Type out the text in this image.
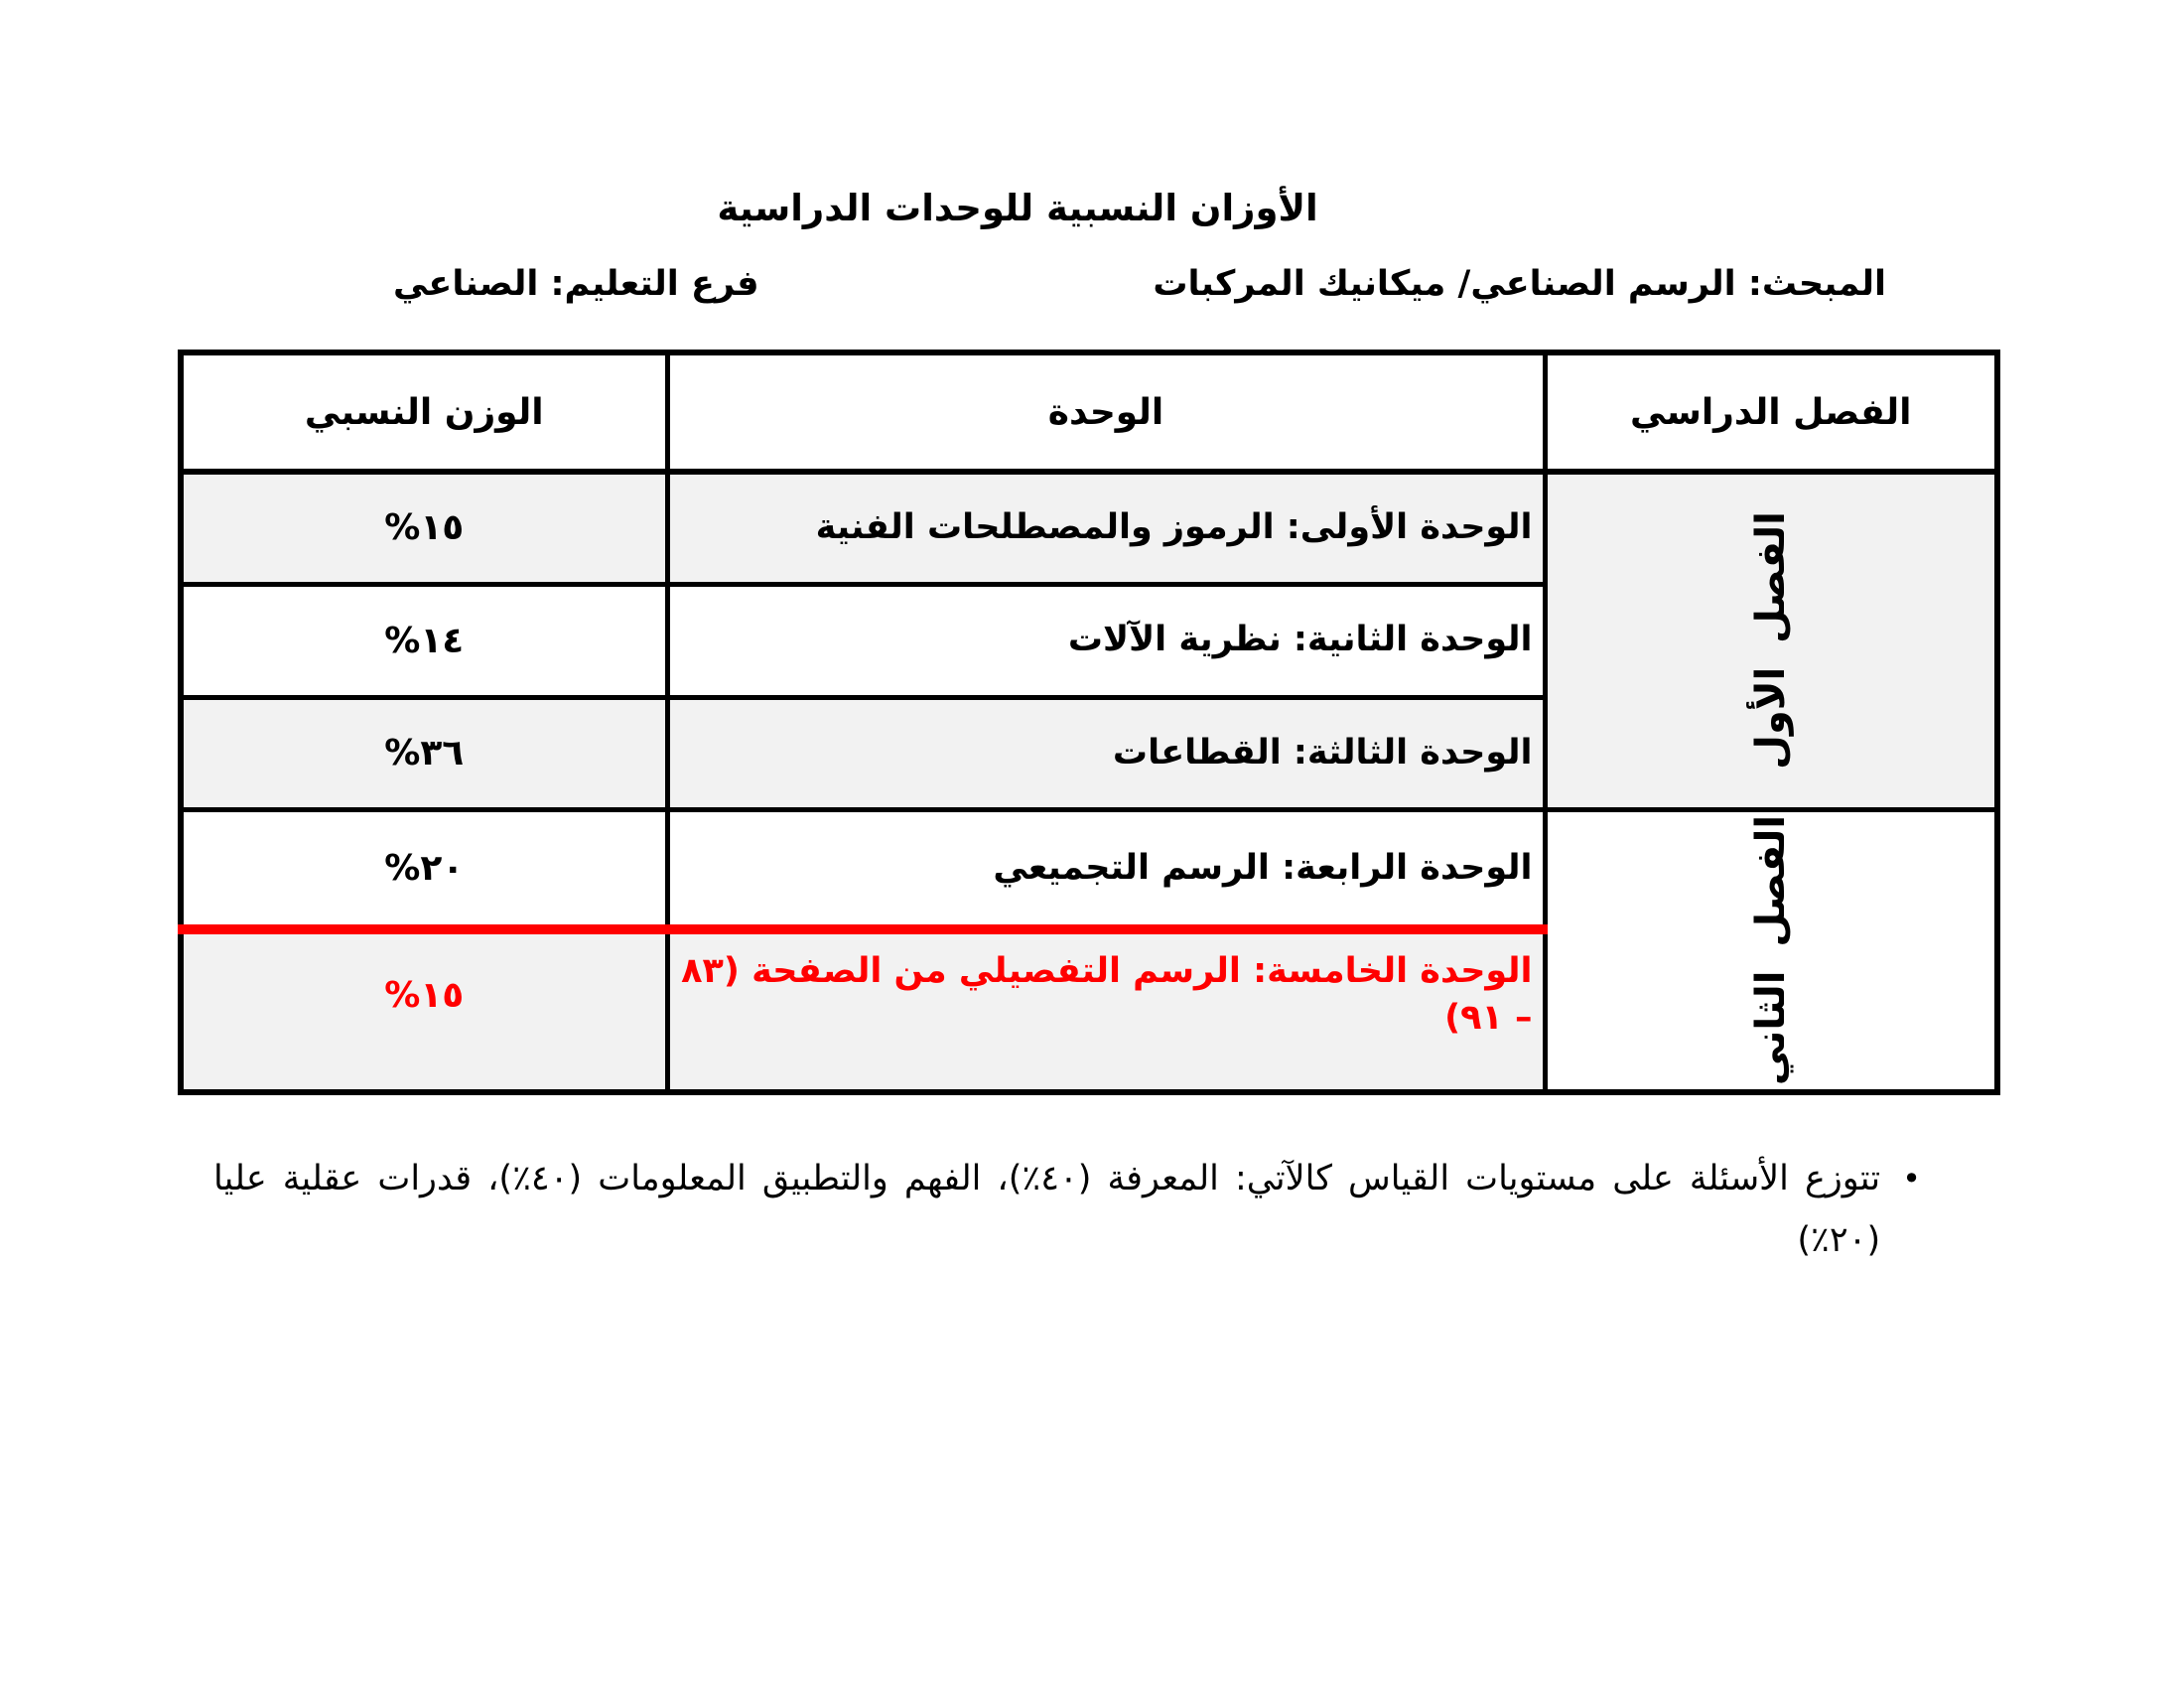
الأوزان النسبية للوحدات الدراسية
المبحث: الرسم الصناعي/ ميكانيك المركبات
فرع التعليم: الصناعي
الفصل الدراسي	الوحدة	الوزن النسبي

الفصل الأول	الوحدة الأولى: الرموز والمصطلحات الفنية	١٥%
	الوحدة الثانية: نظرية الآلات	١٤%
	الوحدة الثالثة: القطاعات	٣٦%

الفصل الثاني	الوحدة الرابعة: الرسم التجميعي	٢٠%
	الوحدة الخامسة: الرسم التفصيلي من الصفحة (٨٣ – ٩١)	١٥%
•
تتوزع الأسئلة على مستويات القياس كالآتي: المعرفة (٤٠٪)، الفهم والتطبيق المعلومات (٤٠٪)، قدرات عقلية عليا
(٢٠٪)
